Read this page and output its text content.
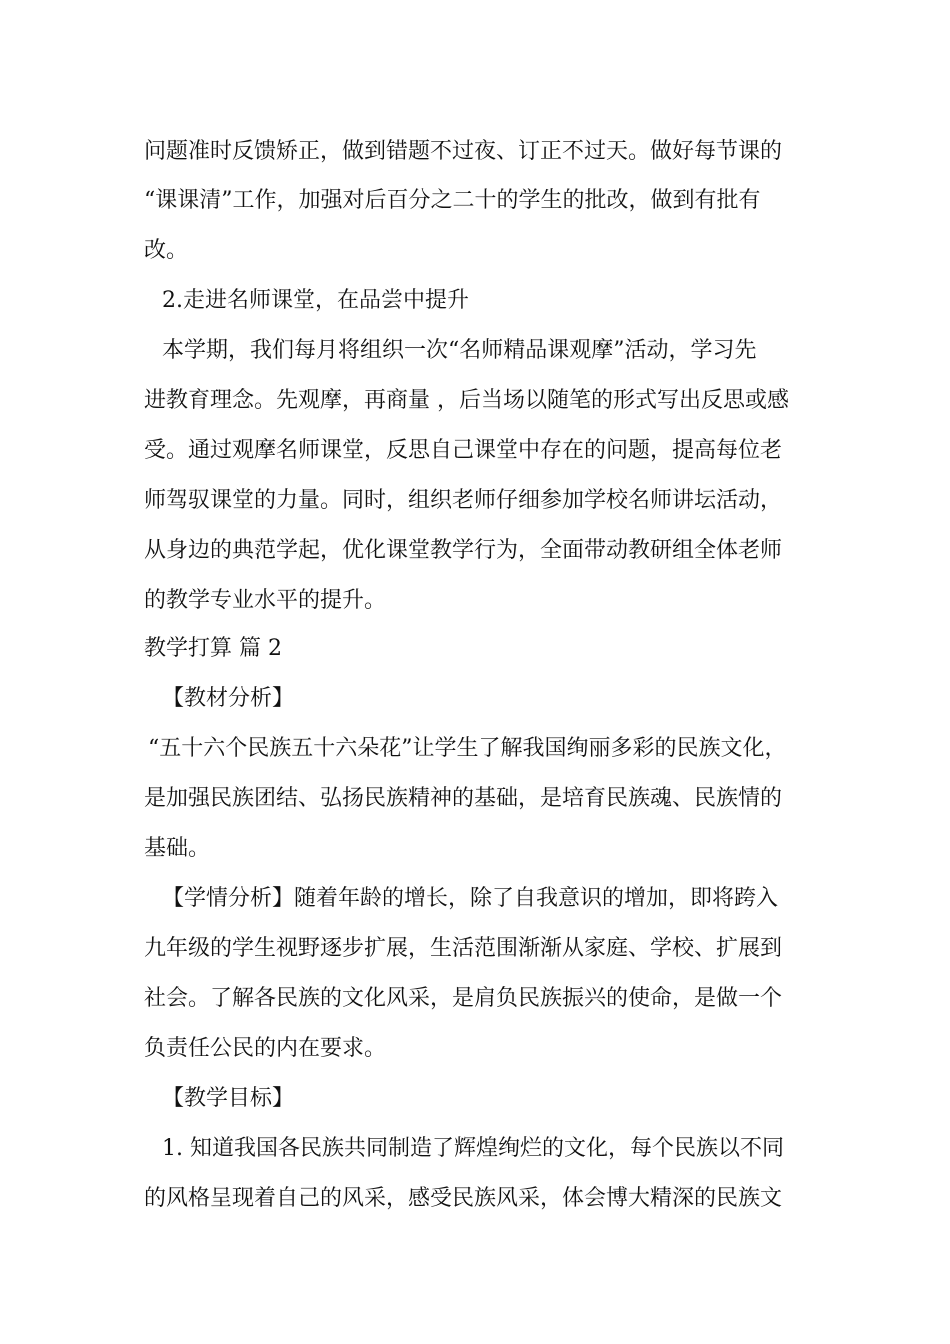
问题准时反馈矫正，做到错题不过夜、订正不过天。做好每节课的
“课课清”工作，加强对后百分之二十的学生的批改，做到有批有
改。
2.走进名师课堂，在品尝中提升
本学期，我们每月将组织一次“名师精品课观摩”活动，学习先
进教育理念。先观摩，再商量 ，后当场以随笔的形式写出反思或感
受。通过观摩名师课堂，反思自己课堂中存在的问题，提高每位老
师驾驭课堂的力量。同时，组织老师仔细参加学校名师讲坛活动，
从身边的典范学起，优化课堂教学行为，全面带动教研组全体老师
的教学专业水平的提升。
教学打算 篇 2
【教材分析】
“五十六个民族五十六朵花”让学生了解我国绚丽多彩的民族文化，
是加强民族团结、弘扬民族精神的基础，是培育民族魂、民族情的
基础。
【学情分析】随着年龄的增长，除了自我意识的增加，即将跨入
九年级的学生视野逐步扩展，生活范围渐渐从家庭、学校、扩展到
社会。了解各民族的文化风采，是肩负民族振兴的使命，是做一个
负责任公民的内在要求。
【教学目标】
1. 知道我国各民族共同制造了辉煌绚烂的文化，每个民族以不同
的风格呈现着自己的风采，感受民族风采，体会博大精深的民族文
